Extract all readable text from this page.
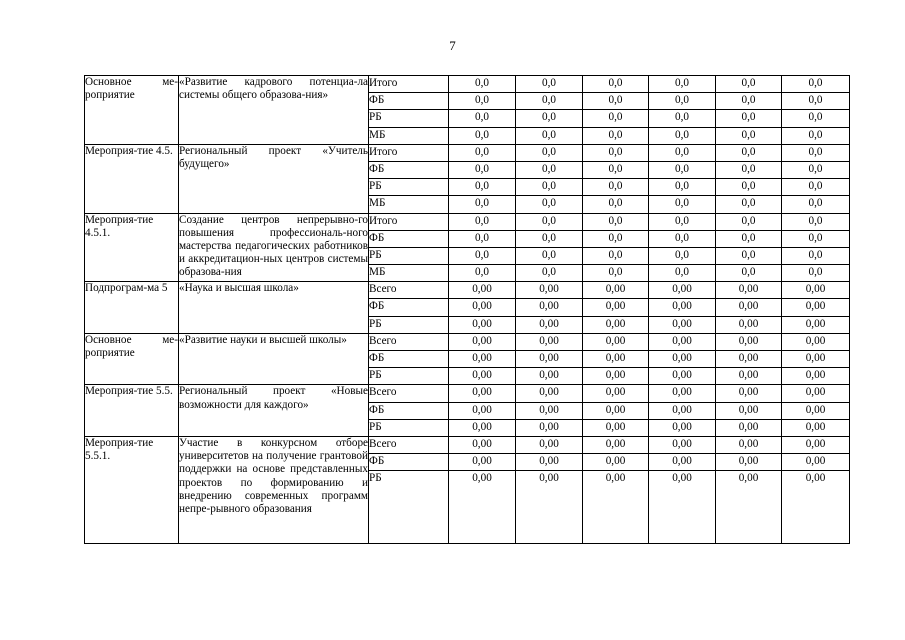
7
Основное ме-роприятие	«Развитие кадрового потенциа-ла системы общего образова-ния»	Итого	0,0	0,0	0,0	0,0	0,0	0,0
		ФБ	0,0	0,0	0,0	0,0	0,0	0,0
		РБ	0,0	0,0	0,0	0,0	0,0	0,0
		МБ	0,0	0,0	0,0	0,0	0,0	0,0
Мероприя-тие 4.5.	Региональный проект «Учитель будущего»	Итого	0,0	0,0	0,0	0,0	0,0	0,0
		ФБ	0,0	0,0	0,0	0,0	0,0	0,0
		РБ	0,0	0,0	0,0	0,0	0,0	0,0
		МБ	0,0	0,0	0,0	0,0	0,0	0,0
Мероприя-тие 4.5.1.	Создание центров непрерывно-го повышения профессиональ-ного мастерства педагогических работников и аккредитацион-ных центров системы образова-ния	Итого	0,0	0,0	0,0	0,0	0,0	0,0
		ФБ	0,0	0,0	0,0	0,0	0,0	0,0
		РБ	0,0	0,0	0,0	0,0	0,0	0,0
		МБ	0,0	0,0	0,0	0,0	0,0	0,0
Подпрограм-ма 5	«Наука и высшая школа»	Всего	0,00	0,00	0,00	0,00	0,00	0,00
		ФБ	0,00	0,00	0,00	0,00	0,00	0,00
		РБ	0,00	0,00	0,00	0,00	0,00	0,00
Основное ме-роприятие	«Развитие науки и высшей школы»	Всего	0,00	0,00	0,00	0,00	0,00	0,00
		ФБ	0,00	0,00	0,00	0,00	0,00	0,00
		РБ	0,00	0,00	0,00	0,00	0,00	0,00
Мероприя-тие 5.5.	Региональный проект «Новые возможности для каждого»	Всего	0,00	0,00	0,00	0,00	0,00	0,00
		ФБ	0,00	0,00	0,00	0,00	0,00	0,00
		РБ	0,00	0,00	0,00	0,00	0,00	0,00
Мероприя-тие 5.5.1.	Участие в конкурсном отборе университетов на получение грантовой поддержки на основе представленных проектов по формированию и внедрению современных программ непре-рывного образования	Всего	0,00	0,00	0,00	0,00	0,00	0,00
		ФБ	0,00	0,00	0,00	0,00	0,00	0,00
		РБ	0,00	0,00	0,00	0,00	0,00	0,00
